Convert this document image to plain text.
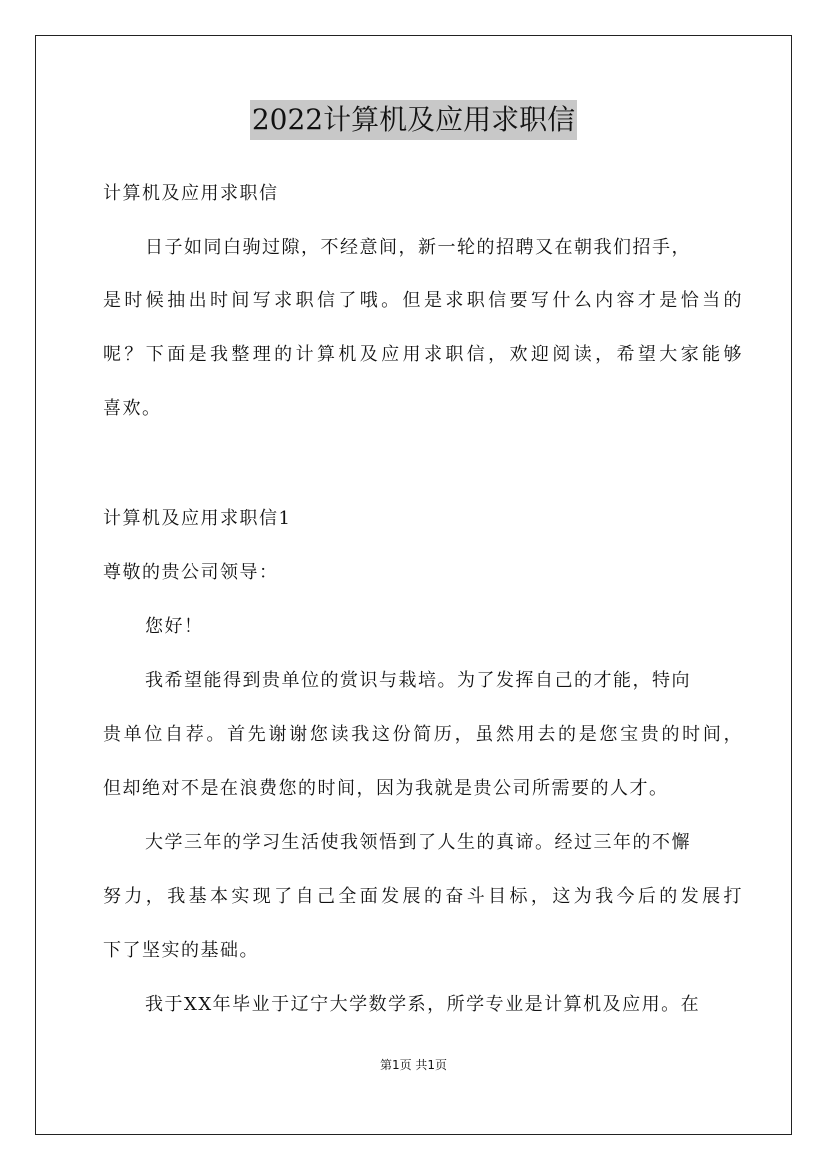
2022计算机及应用求职信
计算机及应用求职信
日子如同白驹过隙，不经意间，新一轮的招聘又在朝我们招手，
是时候抽出时间写求职信了哦。但是求职信要写什么内容才是恰当的
呢？下面是我整理的计算机及应用求职信，欢迎阅读，希望大家能够
喜欢。
计算机及应用求职信1
尊敬的贵公司领导：
您好！
我希望能得到贵单位的赏识与栽培。为了发挥自己的才能，特向
贵单位自荐。首先谢谢您读我这份简历，虽然用去的是您宝贵的时间，
但却绝对不是在浪费您的时间，因为我就是贵公司所需要的人才。
大学三年的学习生活使我领悟到了人生的真谛。经过三年的不懈
努力，我基本实现了自己全面发展的奋斗目标，这为我今后的发展打
下了坚实的基础。
我于XX年毕业于辽宁大学数学系，所学专业是计算机及应用。在
第1页 共1页
